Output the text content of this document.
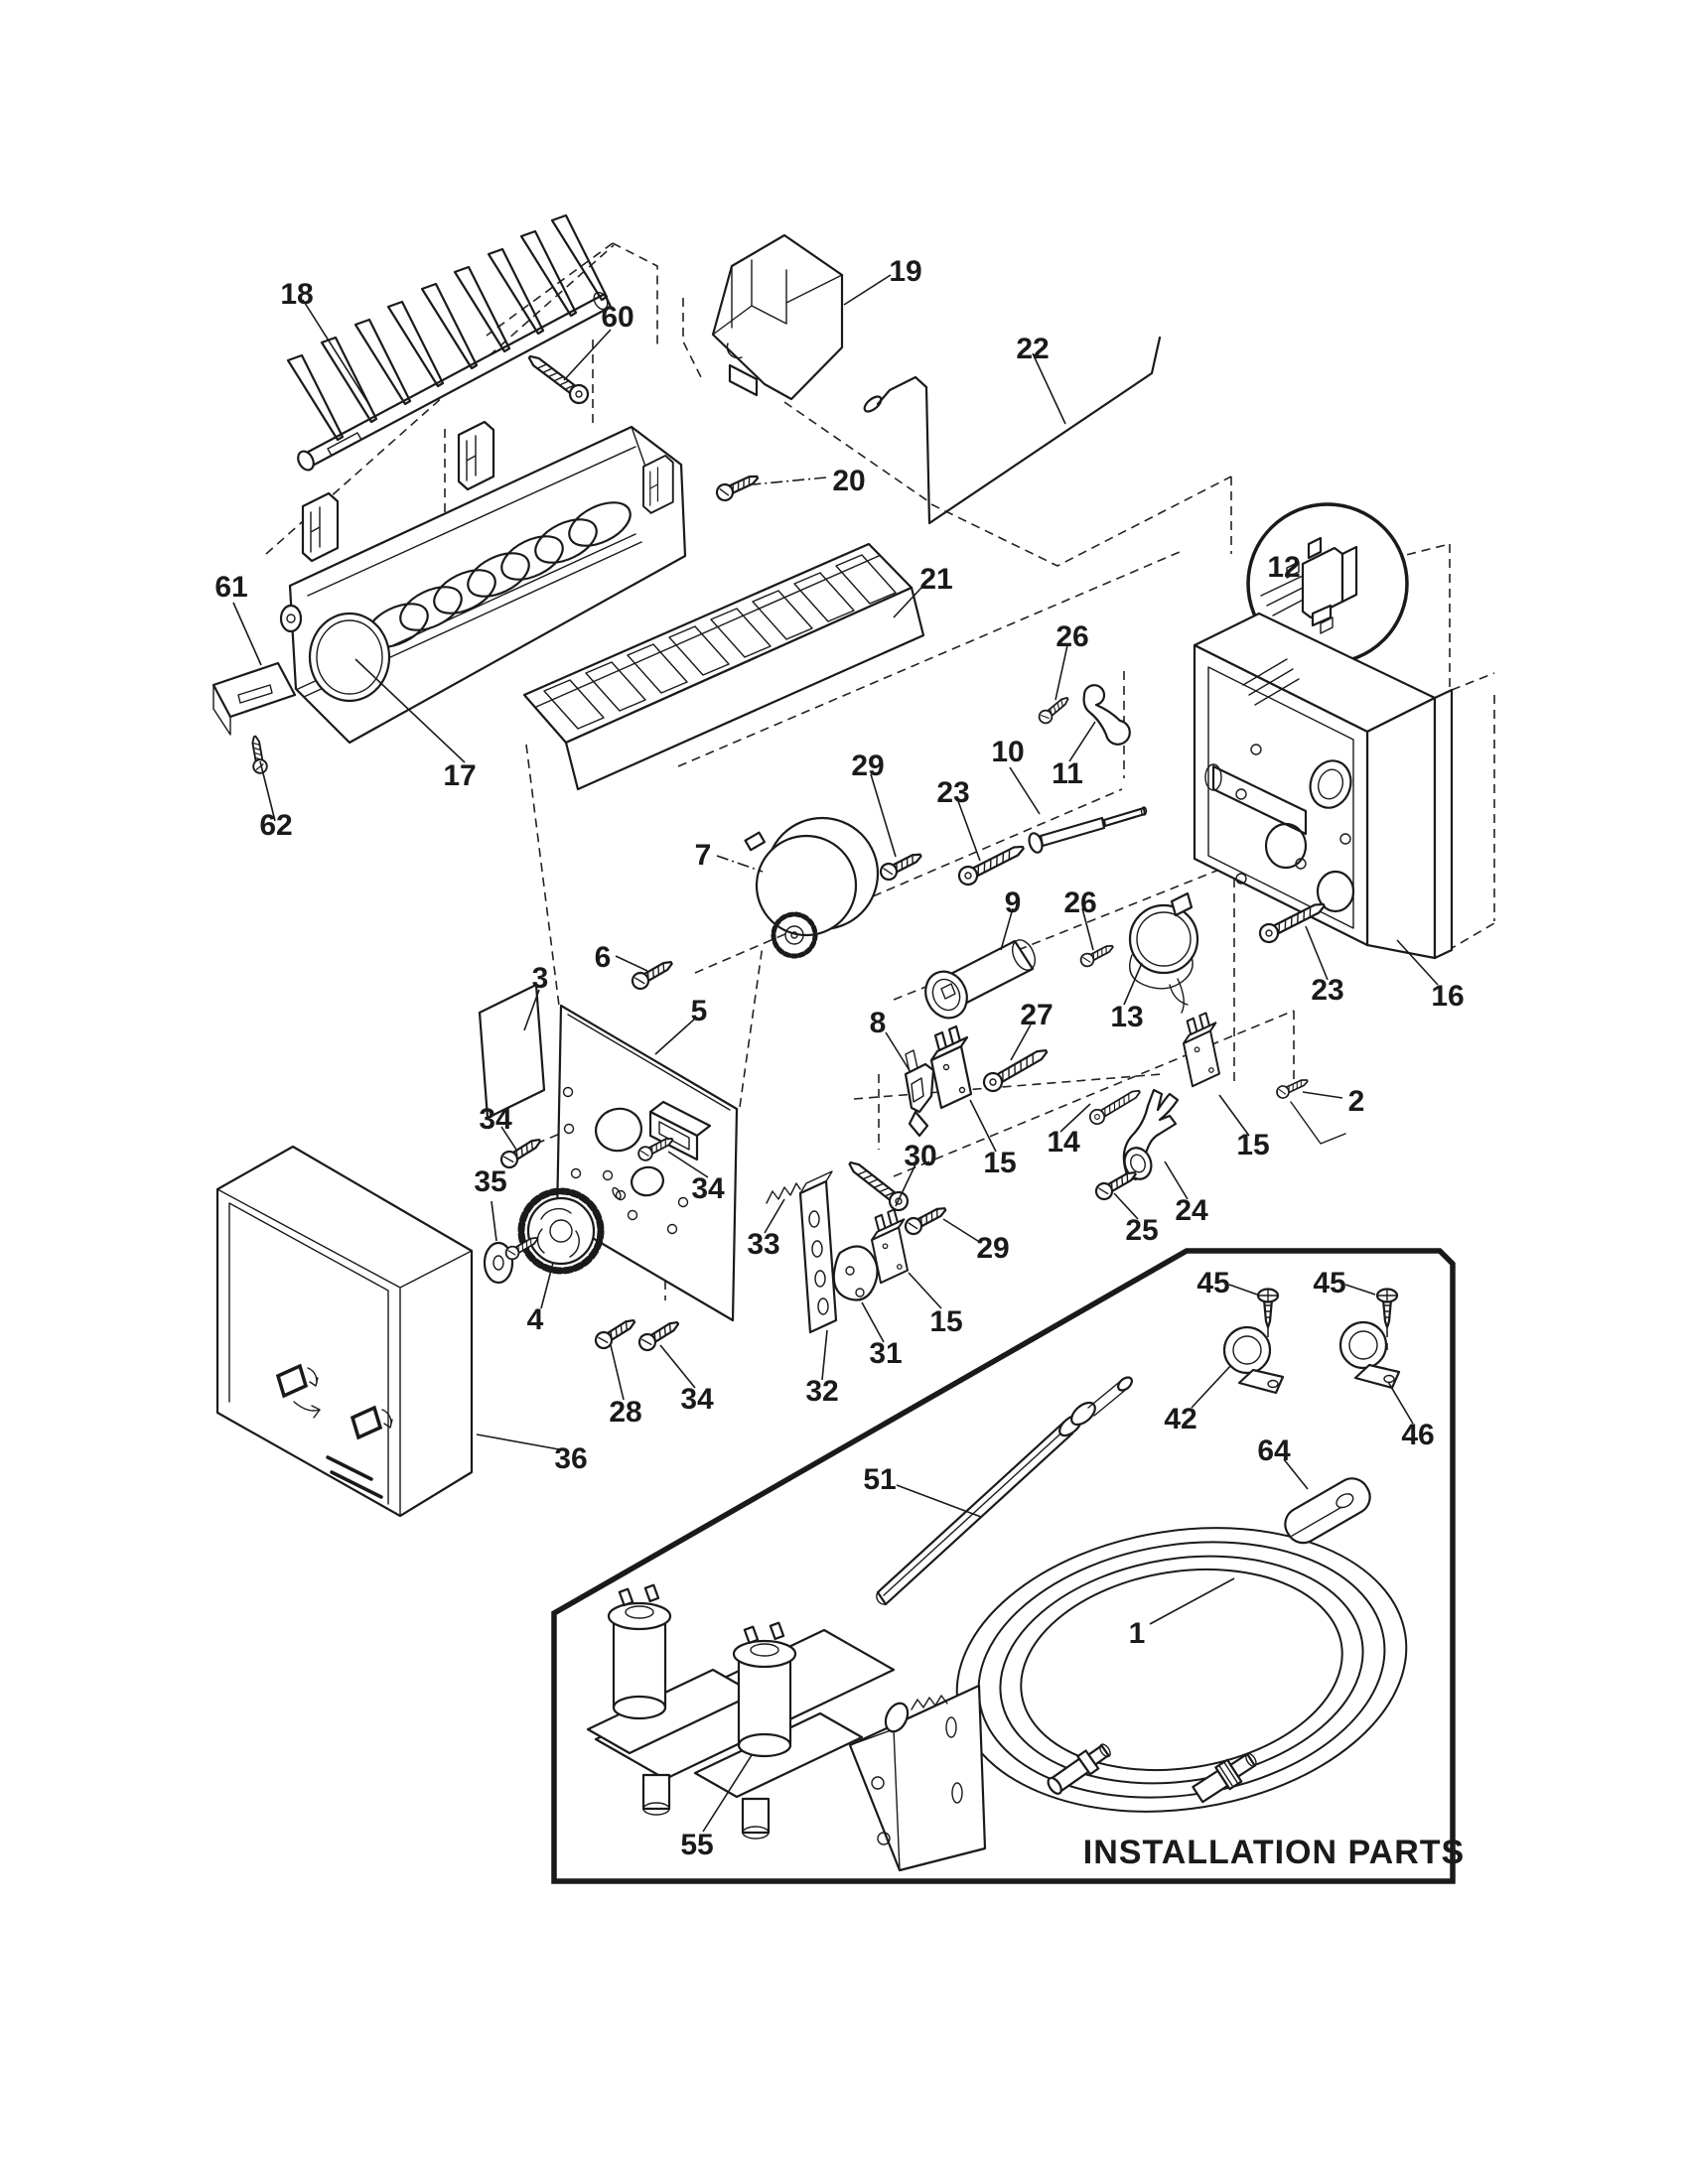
18
60
19
22
20
21	12
61
17
62
26
29
23
10
11
7
9 26
13
23	16
3
6
5	8	27
34
35	34
30	14
15
15
2
24
25
33	29
4	15
31
32
28 34
36
45	45
42	46
64
51
1
55	INSTALLATION PARTS
